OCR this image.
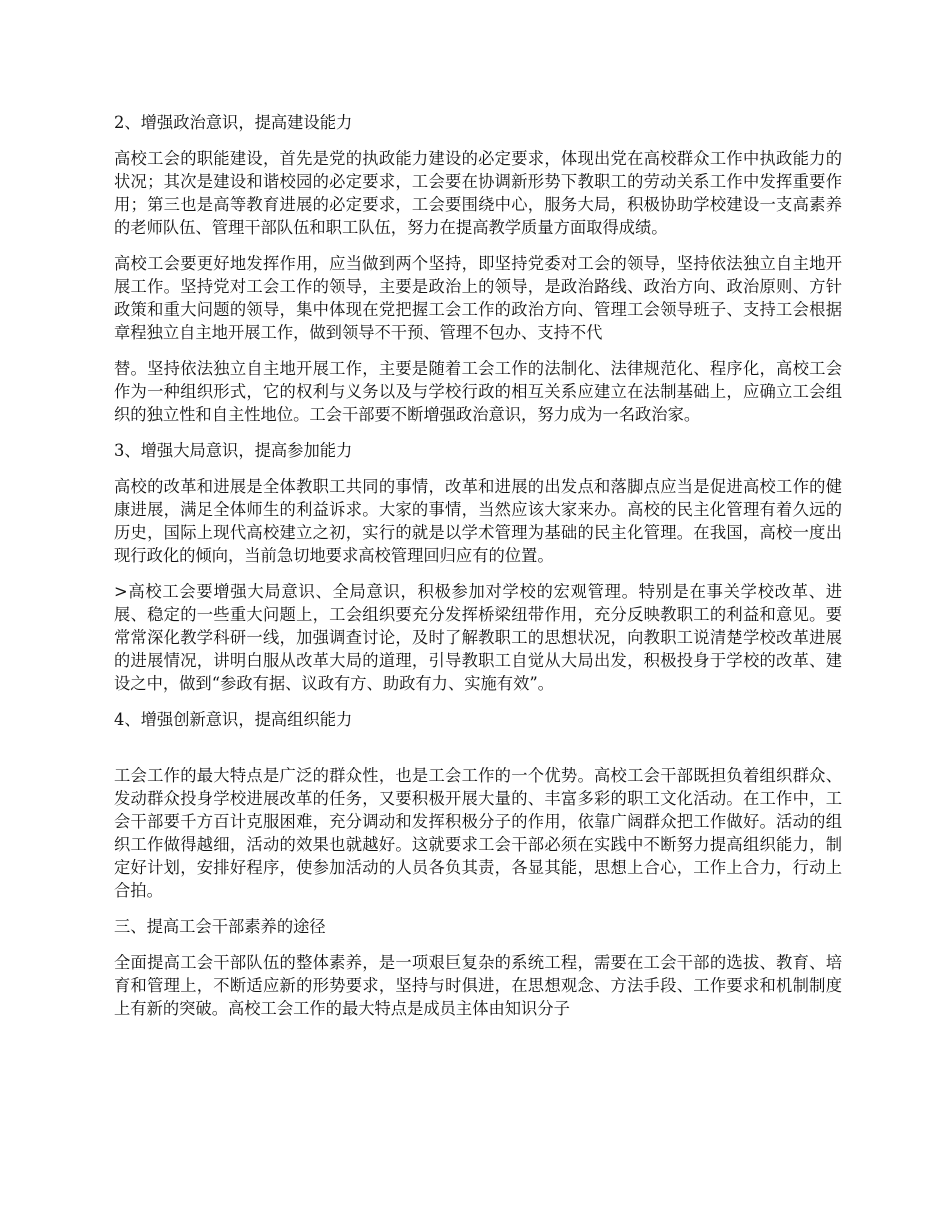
2、增强政治意识，提高建设能力

高校工会的职能建设，首先是党的执政能力建设的必定要求，体现出党在高校群众工作中执政能力的状况；其次是建设和谐校园的必定要求，工会要在协调新形势下教职工的劳动关系工作中发挥重要作用；第三也是高等教育进展的必定要求，工会要围绕中心，服务大局，积极协助学校建设一支高素养的老师队伍、管理干部队伍和职工队伍，努力在提高教学质量方面取得成绩。

高校工会要更好地发挥作用，应当做到两个坚持，即坚持党委对工会的领导，坚持依法独立自主地开展工作。坚持党对工会工作的领导，主要是政治上的领导，是政治路线、政治方向、政治原则、方针政策和重大问题的领导，集中体现在党把握工会工作的政治方向、管理工会领导班子、支持工会根据章程独立自主地开展工作，做到领导不干预、管理不包办、支持不代

替。坚持依法独立自主地开展工作，主要是随着工会工作的法制化、法律规范化、程序化，高校工会作为一种组织形式，它的权利与义务以及与学校行政的相互关系应建立在法制基础上，应确立工会组织的独立性和自主性地位。工会干部要不断增强政治意识，努力成为一名政治家。

3、增强大局意识，提高参加能力

高校的改革和进展是全体教职工共同的事情，改革和进展的出发点和落脚点应当是促进高校工作的健康进展，满足全体师生的利益诉求。大家的事情，当然应该大家来办。高校的民主化管理有着久远的历史，国际上现代高校建立之初，实行的就是以学术管理为基础的民主化管理。在我国，高校一度出现行政化的倾向，当前急切地要求高校管理回归应有的位置。

>高校工会要增强大局意识、全局意识，积极参加对学校的宏观管理。特别是在事关学校改革、进展、稳定的一些重大问题上，工会组织要充分发挥桥梁纽带作用，充分反映教职工的利益和意见。要常常深化教学科研一线，加强调查讨论，及时了解教职工的思想状况，向教职工说清楚学校改革进展的进展情况，讲明白服从改革大局的道理，引导教职工自觉从大局出发，积极投身于学校的改革、建设之中，做到“参政有据、议政有方、助政有力、实施有效”。

4、增强创新意识，提高组织能力

工会工作的最大特点是广泛的群众性，也是工会工作的一个优势。高校工会干部既担负着组织群众、发动群众投身学校进展改革的任务，又要积极开展大量的、丰富多彩的职工文化活动。在工作中，工会干部要千方百计克服困难，充分调动和发挥积极分子的作用，依靠广阔群众把工作做好。活动的组织工作做得越细，活动的效果也就越好。这就要求工会干部必须在实践中不断努力提高组织能力，制定好计划，安排好程序，使参加活动的人员各负其责，各显其能，思想上合心，工作上合力，行动上合拍。

三、提高工会干部素养的途径

全面提高工会干部队伍的整体素养，是一项艰巨复杂的系统工程，需要在工会干部的选拔、教育、培育和管理上，不断适应新的形势要求，坚持与时俱进，在思想观念、方法手段、工作要求和机制制度上有新的突破。高校工会工作的最大特点是成员主体由知识分子
